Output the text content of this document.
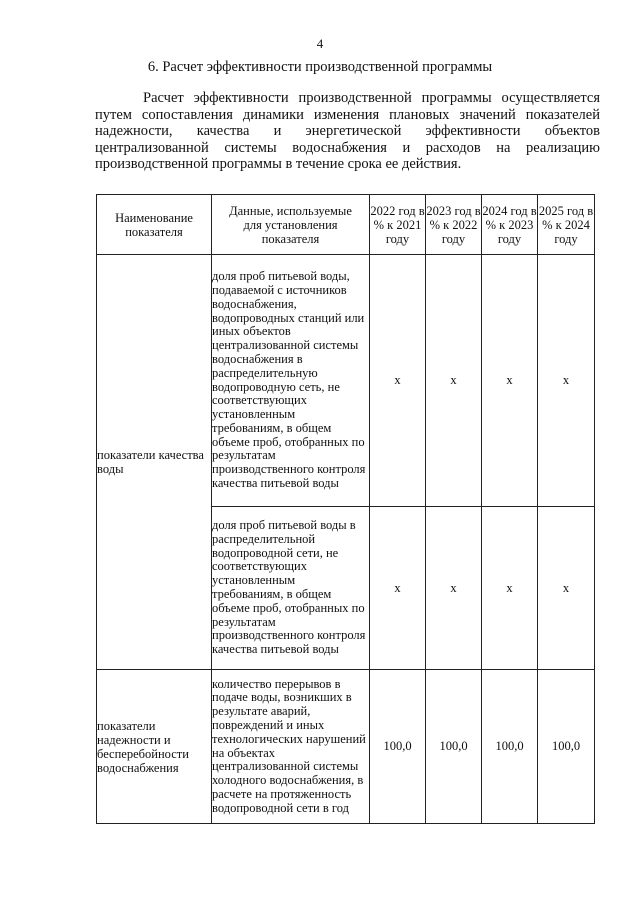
4
6. Расчет эффективности производственной программы

Расчет эффективности производственной программы осуществляется путем сопоставления динамики изменения плановых значений показателей надежности, качества и энергетической эффективности объектов централизованной системы водоснабжения и расходов на реализацию производственной программы в течение срока ее действия.

Наименование показателя	Данные, используемые для установления показателя	2022 год в % к 2021 году	2023 год в % к 2022 году	2024 год в % к 2023 году	2025 год в % к 2024 году
показатели качества воды	доля проб питьевой воды, подаваемой с источников водоснабжения, водопроводных станций или иных объектов централизованной системы водоснабжения в распределительную водопроводную сеть, не соответствующих установленным требованиям, в общем объеме проб, отобранных по результатам производственного контроля качества питьевой воды	х	х	х	х
	доля проб питьевой воды в распределительной водопроводной сети, не соответствующих установленным требованиям, в общем объеме проб, отобранных по результатам производственного контроля качества питьевой воды	х	х	х	х
показатели надежности и бесперебойности водоснабжения	количество перерывов в подаче воды, возникших в результате аварий, повреждений и иных технологических нарушений на объектах централизованной системы холодного водоснабжения, в расчете на протяженность водопроводной сети в год	100,0	100,0	100,0	100,0
